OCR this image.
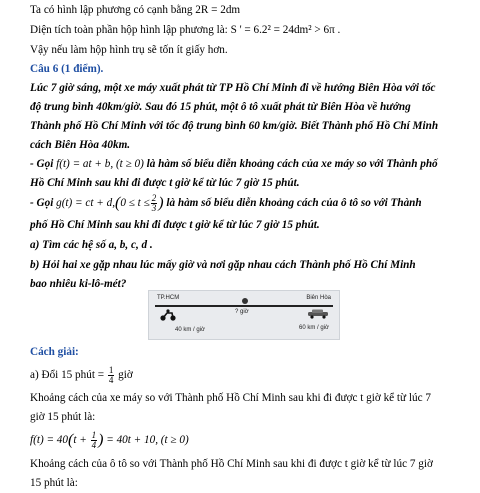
Ta có hình lập phương có cạnh bằng 2R = 2dm
Diện tích toàn phần hộp hình lập phương là: S ' = 6.2² = 24dm² > 6π .
Vậy nếu làm hộp hình trụ sẽ tốn ít giấy hơn.
Câu 6 (1 điểm).
Lúc 7 giờ sáng, một xe máy xuất phát từ TP Hồ Chí Minh đi về hướng Biên Hòa với tốc
độ trung bình 40km/giờ. Sau đó 15 phút, một ô tô xuất phát từ Biên Hòa về hướng
Thành phố Hồ Chí Minh với tốc độ trung bình 60 km/giờ. Biết Thành phố Hồ Chí Minh
cách Biên Hòa 40km.
- Gọi f(t) = at + b, (t ≥ 0) là hàm số biểu diễn khoảng cách của xe máy so với Thành phố
Hồ Chí Minh sau khi đi được t giờ kể từ lúc 7 giờ 15 phút.
- Gọi g(t) = ct + $d,(0 \le t \le \frac{2}{3}$ ) là hàm số biểu diễn khoảng cách của ô tô so với Thành
phố Hồ Chí Minh sau khi đi được t giờ kể từ lúc 7 giờ 15 phút.
a) Tìm các hệ số a, b, c, d .
b) Hỏi hai xe gặp nhau lúc mấy giờ và nơi gặp nhau cách Thành phố Hồ Chí Minh
bao nhiêu ki-lô-mét?
TP.HCM	Biên Hòa
? giờ
40 km / giờ	60 km / giờ
Cách giải:
a) Đổi 15 phút = $\frac{1}{4}$ giờ
Khoảng cách của xe máy so với Thành phố Hồ Chí Minh sau khi đi được t giờ kể từ lúc 7
giờ 15 phút là:
$f(t) = 40(t + \frac{1}{4}$ ) = 40t + 10, (t ≥ 0)
Khoảng cách của ô tô so với Thành phố Hồ Chí Minh sau khi đi được t giờ kể từ lúc 7 giờ
15 phút là:
